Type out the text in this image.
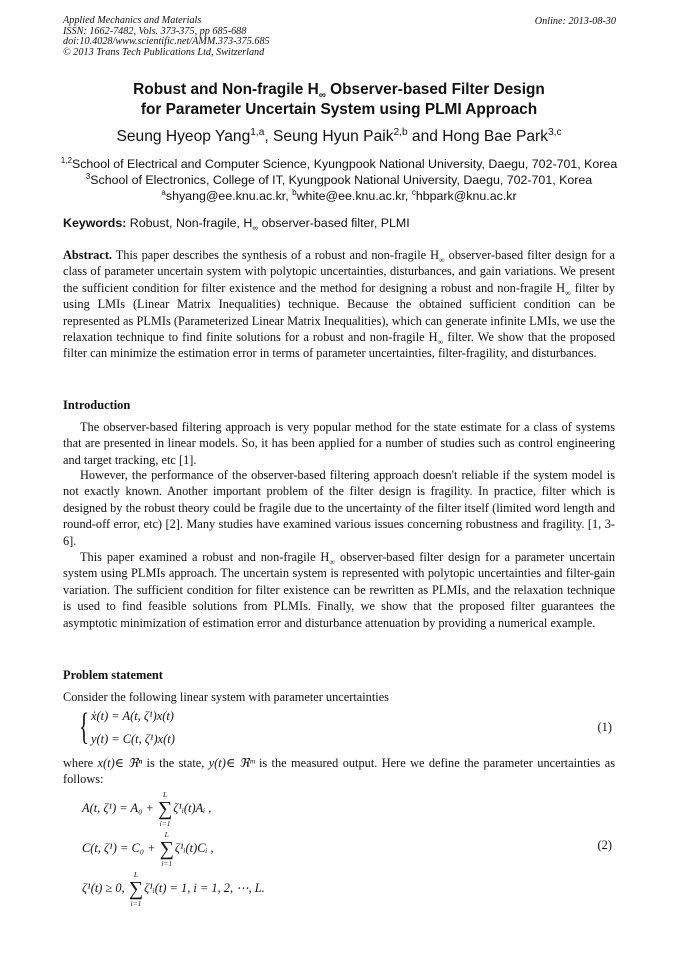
Applied Mechanics and Materials
ISSN: 1662-7482, Vols. 373-375, pp 685-688
doi:10.4028/www.scientific.net/AMM.373-375.685
© 2013 Trans Tech Publications Ltd, Switzerland
Online: 2013-08-30
Robust and Non-fragile $H_\infty$ Observer-based Filter Design
for Parameter Uncertain System using PLMI Approach
Seung Hyeop Yang$^{1,a}$, Seung Hyun Paik$^{2,b}$ and Hong Bae Park$^{3,c}$
$^{1,2}$School of Electrical and Computer Science, Kyungpook National University, Daegu, 702-701, Korea
$^3$School of Electronics, College of IT, Kyungpook National University, Daegu, 702-701, Korea
$^a$shyang@ee.knu.ac.kr, $^b$white@ee.knu.ac.kr, $^c$hbpark@knu.ac.kr
Keywords: Robust, Non-fragile, $H_\infty$ observer-based filter, PLMI
Abstract. This paper describes the synthesis of a robust and non-fragile $H_\infty$ observer-based filter design for a class of parameter uncertain system with polytopic uncertainties, disturbances, and gain variations. We present the sufficient condition for filter existence and the method for designing a robust and non-fragile $H_\infty$ filter by using LMIs (Linear Matrix Inequalities) technique. Because the obtained sufficient condition can be represented as PLMIs (Parameterized Linear Matrix Inequalities), which can generate infinite LMIs, we use the relaxation technique to find finite solutions for a robust and non-fragile $H_\infty$ filter. We show that the proposed filter can minimize the estimation error in terms of parameter uncertainties, filter-fragility, and disturbances.
Introduction
The observer-based filtering approach is very popular method for the state estimate for a class of systems that are presented in linear models. So, it has been applied for a number of studies such as control engineering and target tracking, etc [1].
However, the performance of the observer-based filtering approach doesn't reliable if the system model is not exactly known. Another important problem of the filter design is fragility. In practice, filter which is designed by the robust theory could be fragile due to the uncertainty of the filter itself (limited word length and round-off error, etc) [2]. Many studies have examined various issues concerning robustness and fragility. [1, 3-6].
This paper examined a robust and non-fragile $H_\infty$ observer-based filter design for a parameter uncertain system using PLMIs approach. The uncertain system is represented with polytopic uncertainties and filter-gain variation. The sufficient condition for filter existence can be rewritten as PLMIs, and the relaxation technique is used to find feasible solutions from PLMIs. Finally, we show that the proposed filter guarantees the asymptotic minimization of estimation error and disturbance attenuation by providing a numerical example.
Problem statement
Consider the following linear system with parameter uncertainties
{ ẋ(t) = A(t, ζ¹)x(t)
y(t) = C(t, ζ¹)x(t)
(1)
where x(t)∈ ℜⁿ is the state, y(t)∈ ℜᵐ is the measured output. Here we define the parameter uncertainties as follows:
A(t, ζ¹) = A₀ +
L
∑
i=1
ζ¹ᵢ(t)Aᵢ ,
C(t, ζ¹) = C₀ +
L
∑
i=1
ζ¹ᵢ(t)Cᵢ ,	(2)
ζ¹(t) ≥ 0,
L
∑
i=1
ζ¹ᵢ(t) = 1, i = 1, 2, ⋯, L.
